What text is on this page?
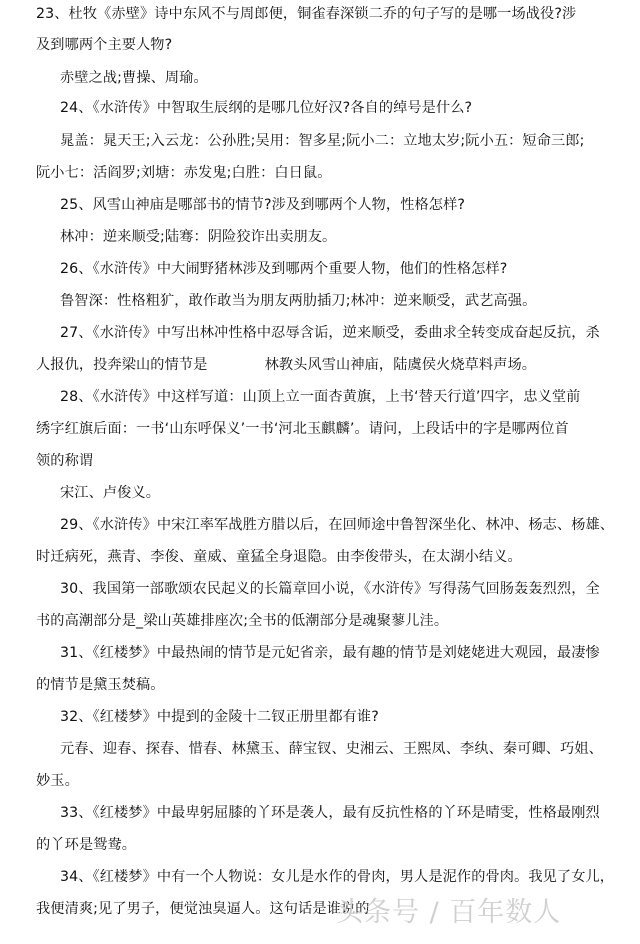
23、杜牧《赤壁》诗中东风不与周郎便，铜雀春深锁二乔的句子写的是哪一场战役?涉
及到哪两个主要人物?
赤壁之战;曹操、周瑜。
24、《水浒传》中智取生辰纲的是哪几位好汉?各自的绰号是什么?
晁盖：晁天王;入云龙：公孙胜;吴用：智多星;阮小二：立地太岁;阮小五：短命三郎;
阮小七：活阎罗;刘塘：赤发鬼;白胜：白日鼠。
25、风雪山神庙是哪部书的情节?涉及到哪两个人物，性格怎样?
林冲：逆来顺受;陆骞：阴险狡诈出卖朋友。
26、《水浒传》中大闹野猪林涉及到哪两个重要人物，他们的性格怎样?
鲁智深：性格粗犷，敢作敢当为朋友两肋插刀;林冲：逆来顺受，武艺高强。
27、《水浒传》中写出林冲性格中忍辱含诟，逆来顺受，委曲求全转变成奋起反抗，杀
人报仇，投奔梁山的情节是　　　　林教头风雪山神庙，陆虞侯火烧草料声场。
28、《水浒传》中这样写道：山顶上立一面杏黄旗，上书‘替天行道’四字，忠义堂前
绣字红旗后面：一书‘山东呼保义’一书‘河北玉麒麟’。请问，上段话中的字是哪两位首
领的称谓
宋江、卢俊义。
29、《水浒传》中宋江率军战胜方腊以后，在回师途中鲁智深坐化、林冲、杨志、杨雄、
时迁病死，燕青、李俊、童威、童猛全身退隐。由李俊带头，在太湖小结义。
30、我国第一部歌颂农民起义的长篇章回小说，《水浒传》写得荡气回肠轰轰烈烈，全
书的高潮部分是_梁山英雄排座次;全书的低潮部分是魂聚蓼儿洼。
31、《红楼梦》中最热闹的情节是元妃省亲，最有趣的情节是刘姥姥进大观园，最凄惨
的情节是黛玉焚稿。
32、《红楼梦》中提到的金陵十二钗正册里都有谁?
元春、迎春、探春、惜春、林黛玉、薛宝钗、史湘云、王熙凤、李纨、秦可卿、巧姐、
妙玉。
33、《红楼梦》中最卑躬屈膝的丫环是袭人，最有反抗性格的丫环是晴雯，性格最刚烈
的丫环是鸳鸯。
34、《红楼梦》中有一个人物说：女儿是水作的骨肉，男人是泥作的骨肉。我见了女儿，
我便清爽;见了男子，便觉浊臭逼人。这句话是谁说的
头条号 / 百年数人
